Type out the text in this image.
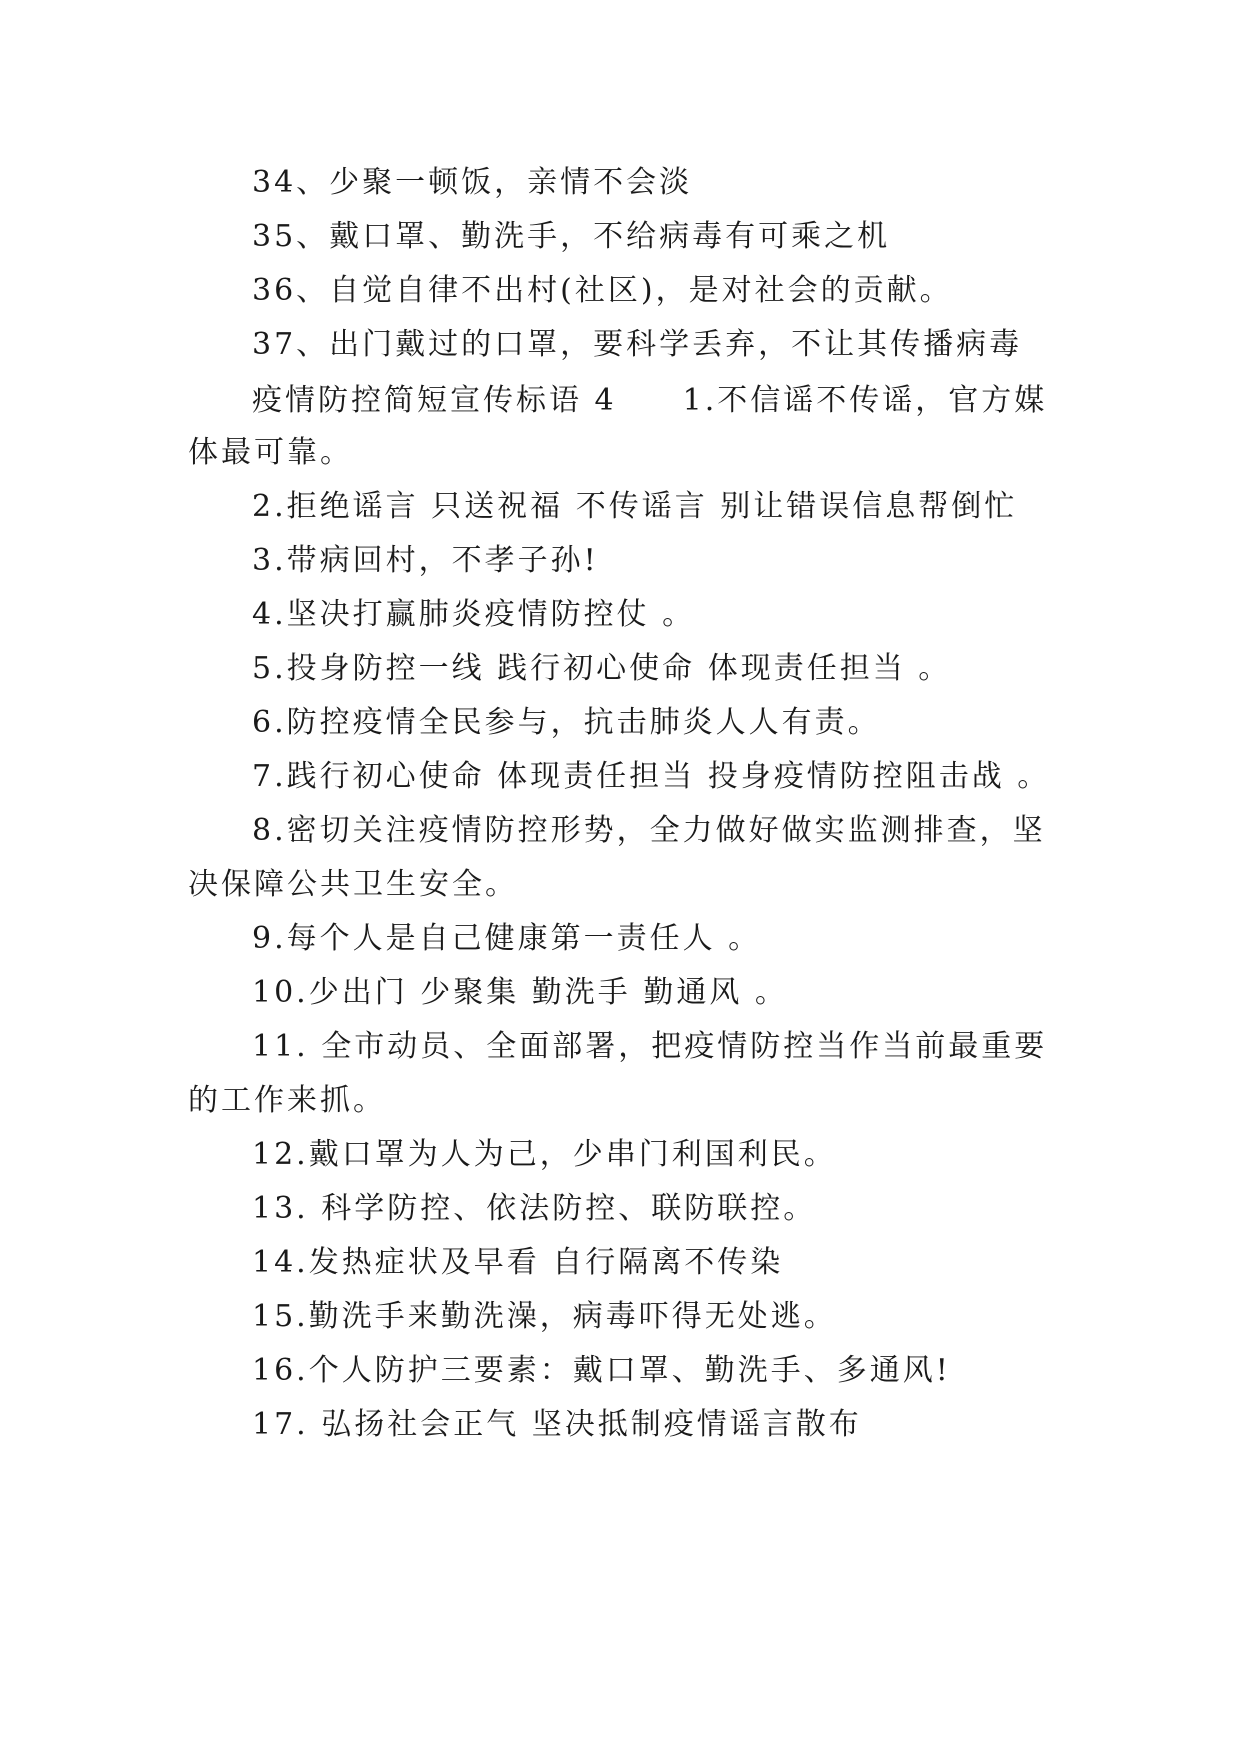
34、少聚一顿饭，亲情不会淡

35、戴口罩、勤洗手，不给病毒有可乘之机

36、自觉自律不出村(社区)，是对社会的贡献。

37、出门戴过的口罩，要科学丢弃，不让其传播病毒

疫情防控简短宣传标语 4　　1.不信谣不传谣，官方媒

体最可靠。

2.拒绝谣言 只送祝福 不传谣言 别让错误信息帮倒忙

3.带病回村，不孝子孙!

4.坚决打赢肺炎疫情防控仗 。

5.投身防控一线 践行初心使命 体现责任担当 。

6.防控疫情全民参与，抗击肺炎人人有责。

7.践行初心使命 体现责任担当 投身疫情防控阻击战 。

8.密切关注疫情防控形势，全力做好做实监测排查，坚

决保障公共卫生安全。

9.每个人是自己健康第一责任人 。

10.少出门 少聚集 勤洗手 勤通风 。

11. 全市动员、全面部署，把疫情防控当作当前最重要

的工作来抓。

12.戴口罩为人为己，少串门利国利民。

13. 科学防控、依法防控、联防联控。

14.发热症状及早看 自行隔离不传染

15.勤洗手来勤洗澡，病毒吓得无处逃。

16.个人防护三要素：戴口罩、勤洗手、多通风!

17. 弘扬社会正气 坚决抵制疫情谣言散布
